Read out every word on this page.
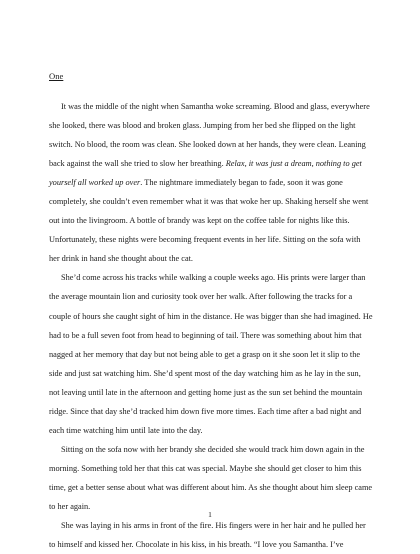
One

It was the middle of the night when Samantha woke screaming. Blood and glass, everywhere she looked, there was blood and broken glass. Jumping from her bed she flipped on the light switch. No blood, the room was clean. She looked down at her hands, they were clean. Leaning back against the wall she tried to slow her breathing. Relax, it was just a dream, nothing to get yourself all worked up over. The nightmare immediately began to fade, soon it was gone completely, she couldn’t even remember what it was that woke her up. Shaking herself she went out into the livingroom. A bottle of brandy was kept on the coffee table for nights like this. Unfortunately, these nights were becoming frequent events in her life. Sitting on the sofa with her drink in hand she thought about the cat.

She’d come across his tracks while walking a couple weeks ago. His prints were larger than the average mountain lion and curiosity took over her walk. After following the tracks for a couple of hours she caught sight of him in the distance. He was bigger than she had imagined. He had to be a full seven foot from head to beginning of tail. There was something about him that nagged at her memory that day but not being able to get a grasp on it she soon let it slip to the side and just sat watching him. She’d spent most of the day watching him as he lay in the sun, not leaving until late in the afternoon and getting home just as the sun set behind the mountain ridge. Since that day she’d tracked him down five more times. Each time after a bad night and each time watching him until late into the day.

Sitting on the sofa now with her brandy she decided she would track him down again in the morning. Something told her that this cat was special. Maybe she should get closer to him this time, get a better sense about what was different about him. As she thought about him sleep came to her again.

She was laying in his arms in front of the fire. His fingers were in her hair and he pulled her to himself and kissed her. Chocolate in his kiss, in his breath. “I love you Samantha. I’ve

1
